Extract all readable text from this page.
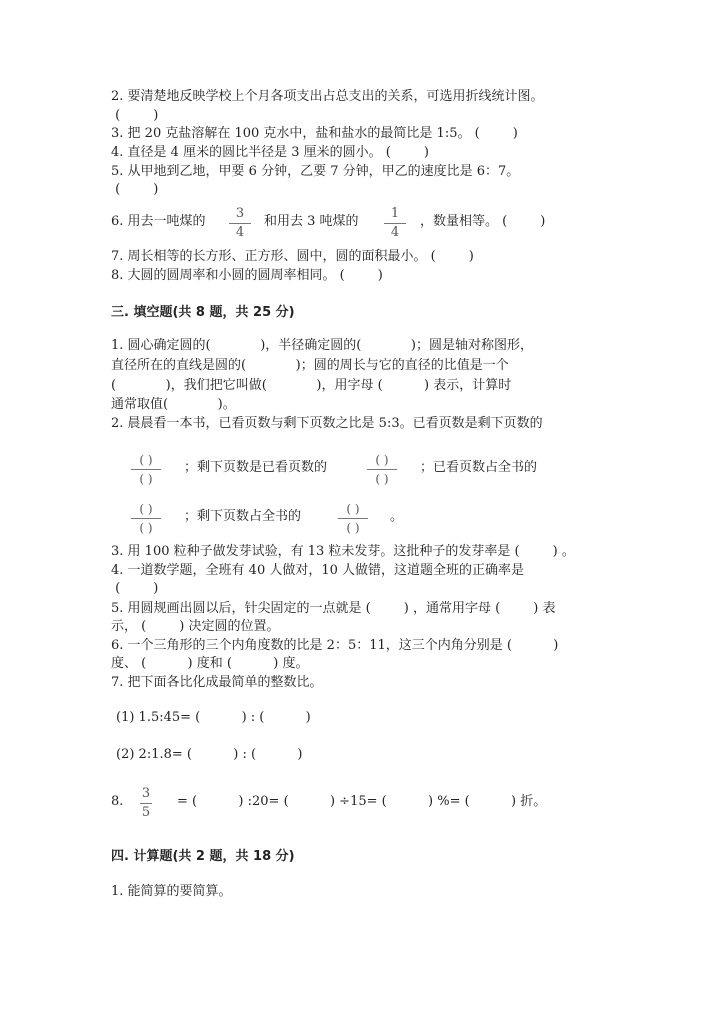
2. 要清楚地反映学校上个月各项支出占总支出的关系，可选用折线统计图。
(        )
3. 把 20 克盐溶解在 100 克水中，盐和盐水的最简比是 1:5。 (        )
4. 直径是 4 厘米的圆比半径是 3 厘米的圆小。 (        )
5. 从甲地到乙地，甲要 6 分钟，乙要 7 分钟，甲乙的速度比是 6：7。
(        )
6. 用去一吨煤的
3
4
和用去 3 吨煤的
1
4
，数量相等。 (        )
7. 周长相等的长方形、正方形、圆中，圆的面积最小。 (        )
8. 大圆的圆周率和小圆的圆周率相同。 (        )
三. 填空题(共 8 题，共 25 分)
1. 圆心确定圆的(            )，半径确定圆的(            )；圆是轴对称图形，
直径所在的直线是圆的(            )；圆的周长与它的直径的比值是一个
(            )，我们把它叫做(            )，用字母 (          ) 表示，计算时
通常取值(            )。
2. 晨晨看一本书，已看页数与剩下页数之比是 5:3。已看页数是剩下页数的
( )
( )
；剩下页数是已看页数的	( )
( )
；已看页数占全书的
( )
( )
；剩下页数占全书的	( )
( )
。
3. 用 100 粒种子做发芽试验，有 13 粒未发芽。这批种子的发芽率是 (        ) 。
4. 一道数学题，全班有 40 人做对，10 人做错，这道题全班的正确率是
(        )
5. 用圆规画出圆以后，针尖固定的一点就是 (        ) ，通常用字母 (        ) 表
示， (        ) 决定圆的位置。
6. 一个三角形的三个内角度数的比是 2：5：11，这三个内角分别是 (          )
度、 (          ) 度和 (          ) 度。
7. 把下面各比化成最简单的整数比。
(1) 1.5:45= (          ) : (          )
(2) 2:1.8= (          ) : (          )
8.
3
5
= (          ) :20= (          ) ÷15= (          ) %= (          ) 折。
四. 计算题(共 2 题，共 18 分)
1. 能简算的要简算。
